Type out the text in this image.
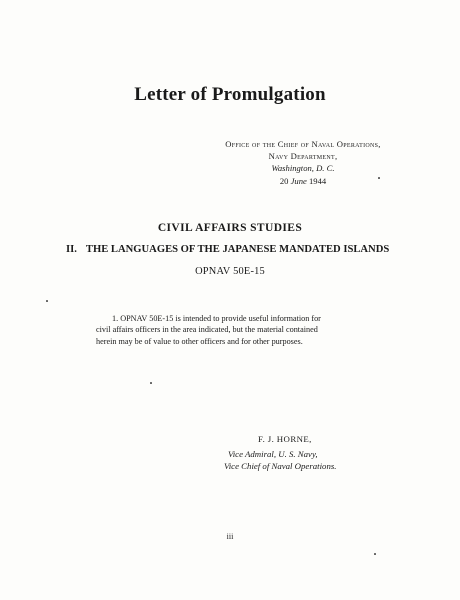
Letter of Promulgation
Office of the Chief of Naval Operations,
Navy Department,
Washington, D. C.
20 June 1944
CIVIL AFFAIRS STUDIES
II. THE LANGUAGES OF THE JAPANESE MANDATED ISLANDS

OPNAV 50E-15

1. OPNAV 50E-15 is intended to provide useful information for
civil affairs officers in the area indicated, but the material contained
herein may be of value to other officers and for other purposes.

F. J. HORNE,
Vice Admiral, U. S. Navy,
Vice Chief of Naval Operations.
iii
